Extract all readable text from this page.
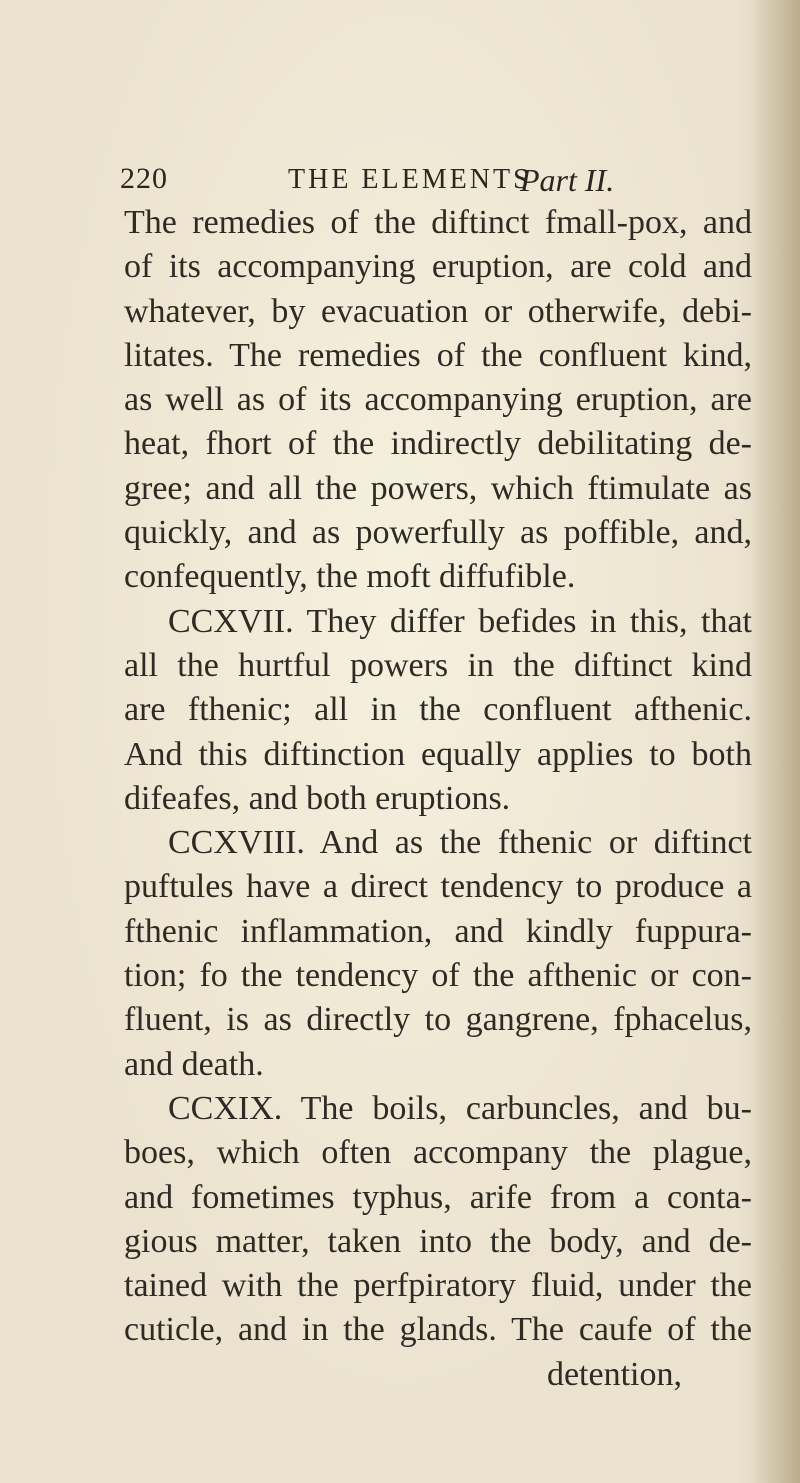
220	THE ELEMENTS
Part II.
The remedies of the diftinct fmall-pox, and
of its accompanying eruption, are cold and
whatever, by evacuation or otherwife, debi-
litates. The remedies of the confluent kind,
as well as of its accompanying eruption, are
heat, fhort of the indirectly debilitating de-
gree; and all the powers, which ftimulate as
quickly, and as powerfully as poffible, and,
confequently, the moft diffufible.
CCXVII. They differ befides in this, that
all the hurtful powers in the diftinct kind
are fthenic; all in the confluent afthenic.
And this diftinction equally applies to both
difeafes, and both eruptions.
CCXVIII. And as the fthenic or diftinct
puftules have a direct tendency to produce a
fthenic inflammation, and kindly fuppura-
tion; fo the tendency of the afthenic or con-
fluent, is as directly to gangrene, fphacelus,
and death.
CCXIX. The boils, carbuncles, and bu-
boes, which often accompany the plague,
and fometimes typhus, arife from a conta-
gious matter, taken into the body, and de-
tained with the perfpiratory fluid, under the
cuticle, and in the glands. The caufe of the
detention,
